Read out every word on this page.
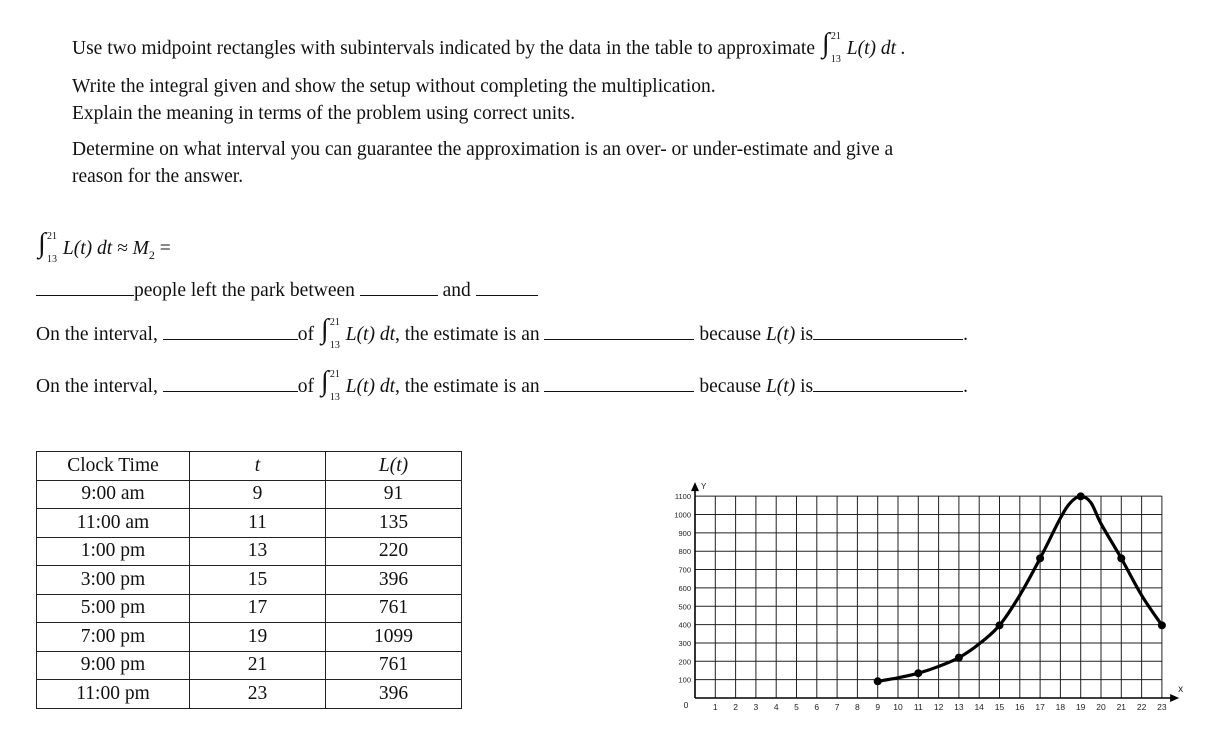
Use two midpoint rectangles with subintervals indicated by the data in the table to approximate ∫ 21
13
L(t) dt .
Write the integral given and show the setup without completing the multiplication.
Explain the meaning in terms of the problem using correct units.
Determine on what interval you can guarantee the approximation is an over- or under-estimate and give a
reason for the answer.
∫ 21
13
L(t) dt ≈ $M_2$ =
people left the park between	and
On the interval,	of ∫ 21
13
L(t) dt, the estimate is an	because L(t) is	.
On the interval,	of ∫ 21
13
L(t) dt, the estimate is an	because L(t) is	.
Clock Time	t	L(t)
9:00 am	9	91
11:00 am	11	135
1:00 pm	13	220
3:00 pm	15	396
5:00 pm	17	761
7:00 pm	19	1099
9:00 pm	21	761
11:00 pm	23	396
1 2 3 4 5 6 7 8 9 10 11 12 13 14 15 16 17 18 19 20 21 22 23
100
200
300
400
500
600
700
800
900
1000
1100
0
x
Y
